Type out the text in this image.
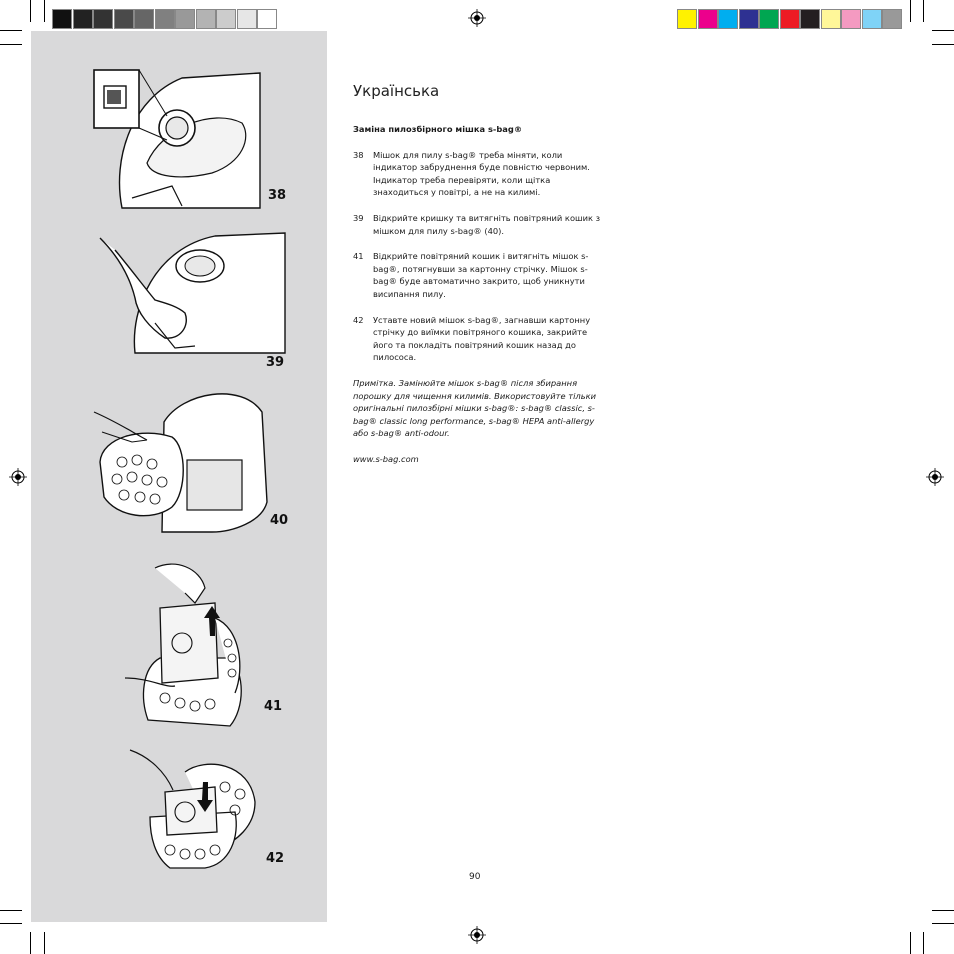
38
39
40
41
42
Українська
Заміна пилозбірного мішка s-bag®
38 Мішок для пилу s-bag® треба міняти, коли індикатор забруднення буде повністю червоним. Індикатор треба перевіряти, коли щітка знаходиться у повітрі, а не на килимі.
39 Відкрийте кришку та витягніть повітряний кошик з мішком для пилу s-bag® (40).
41 Відкрийте повітряний кошик і витягніть мішок s-bag®, потягнувши за картонну стрічку. Мішок s-bag® буде автоматично закрито, щоб уникнути висипання пилу.
42 Уставте новий мішок s-bag®, загнавши картонну стрічку до виїмки повітряного кошика, закрийте його та покладіть повітряний кошик назад до пилососа.
Примітка. Замінюйте мішок s-bag® після збирання порошку для чищення килимів. Використовуйте тільки оригінальні пилозбірні мішки s-bag®: s-bag® classic, s-bag® classic long performance, s-bag® HEPA anti-allergy або s-bag® anti-odour.
www.s-bag.com
90
